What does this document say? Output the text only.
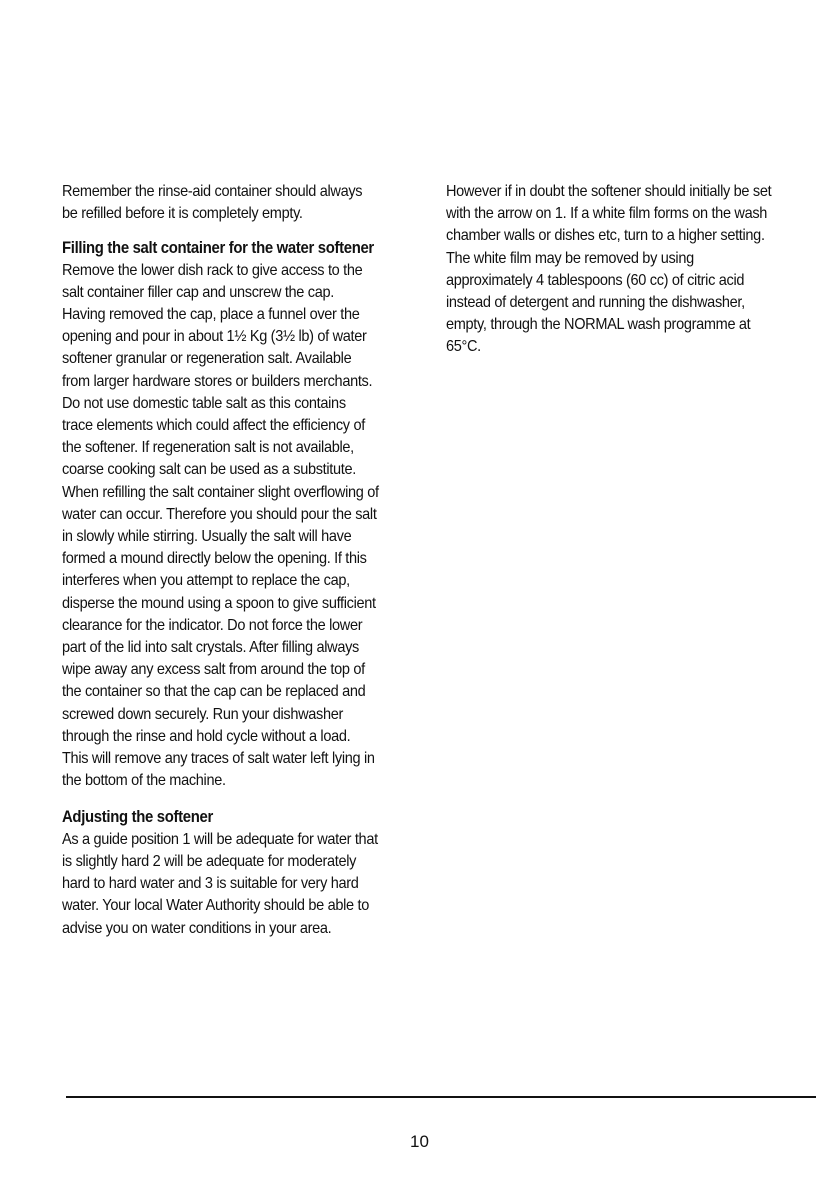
Remember the rinse-aid container should always be refilled before it is completely empty.

Filling the salt container for the water softener

Remove the lower dish rack to give access to the salt container filler cap and unscrew the cap. Having removed the cap, place a funnel over the opening and pour in about 1½ Kg (3½ lb) of water softener granular or regeneration salt. Available from larger hardware stores or builders merchants. Do not use domestic table salt as this contains trace elements which could affect the efficiency of the softener. If regeneration salt is not available, coarse cooking salt can be used as a substitute. When refilling the salt container slight overflowing of water can occur. Therefore you should pour the salt in slowly while stirring. Usually the salt will have formed a mound directly below the opening. If this interferes when you attempt to replace the cap, disperse the mound using a spoon to give sufficient clearance for the indicator. Do not force the lower part of the lid into salt crystals. After filling always wipe away any excess salt from around the top of the container so that the cap can be replaced and screwed down securely. Run your dishwasher through the rinse and hold cycle without a load. This will remove any traces of salt water left lying in the bottom of the machine.

Adjusting the softener

As a guide position 1 will be adequate for water that is slightly hard 2 will be adequate for moderately hard to hard water and 3 is suitable for very hard water. Your local Water Authority should be able to advise you on water conditions in your area.

However if in doubt the softener should initially be set with the arrow on 1. If a white film forms on the wash chamber walls or dishes etc, turn to a higher setting. The white film may be removed by using approximately 4 tablespoons (60 cc) of citric acid instead of detergent and running the dishwasher, empty, through the NORMAL wash programme at 65°C.

10
